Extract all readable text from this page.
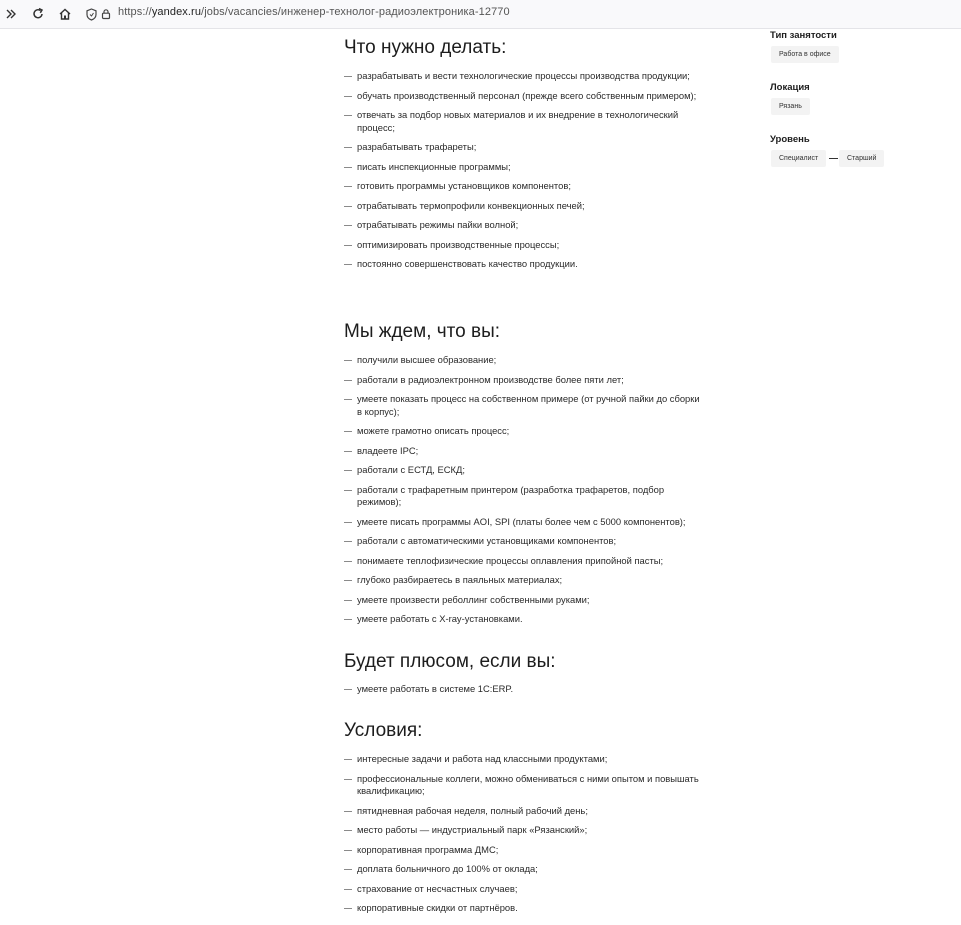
https://yandex.ru/jobs/vacancies/инженер-технолог-радиоэлектроника-12770
Что нужно делать:
разрабатывать и вести технологические процессы производства продукции;
обучать производственный персонал (прежде всего собственным примером);
отвечать за подбор новых материалов и их внедрение в технологический процесс;
разрабатывать трафареты;
писать инспекционные программы;
готовить программы установщиков компонентов;
отрабатывать термопрофили конвекционных печей;
отрабатывать режимы пайки волной;
оптимизировать производственные процессы;
постоянно совершенствовать качество продукции.
Мы ждем, что вы:
получили высшее образование;
работали в радиоэлектронном производстве более пяти лет;
умеете показать процесс на собственном примере (от ручной пайки до сборки в корпус);
можете грамотно описать процесс;
владеете IPC;
работали с ЕСТД, ЕСКД;
работали с трафаретным принтером (разработка трафаретов, подбор режимов);
умеете писать программы AOI, SPI (платы более чем с 5000 компонентов);
работали с автоматическими установщиками компонентов;
понимаете теплофизические процессы оплавления припойной пасты;
глубоко разбираетесь в паяльных материалах;
умеете произвести реболлинг собственными руками;
умеете работать с X-ray-установками.
Будет плюсом, если вы:
умеете работать в системе 1С:ERP.
Условия:
интересные задачи и работа над классными продуктами;
профессиональные коллеги, можно обмениваться с ними опытом и повышать квалификацию;
пятидневная рабочая неделя, полный рабочий день;
место работы — индустриальный парк «Рязанский»;
корпоративная программа ДМС;
доплата больничного до 100% от оклада;
страхование от несчастных случаев;
корпоративные скидки от партнёров.
Тип занятости
Работа в офисе
Локация
Рязань
Уровень
Специалист	Старший
